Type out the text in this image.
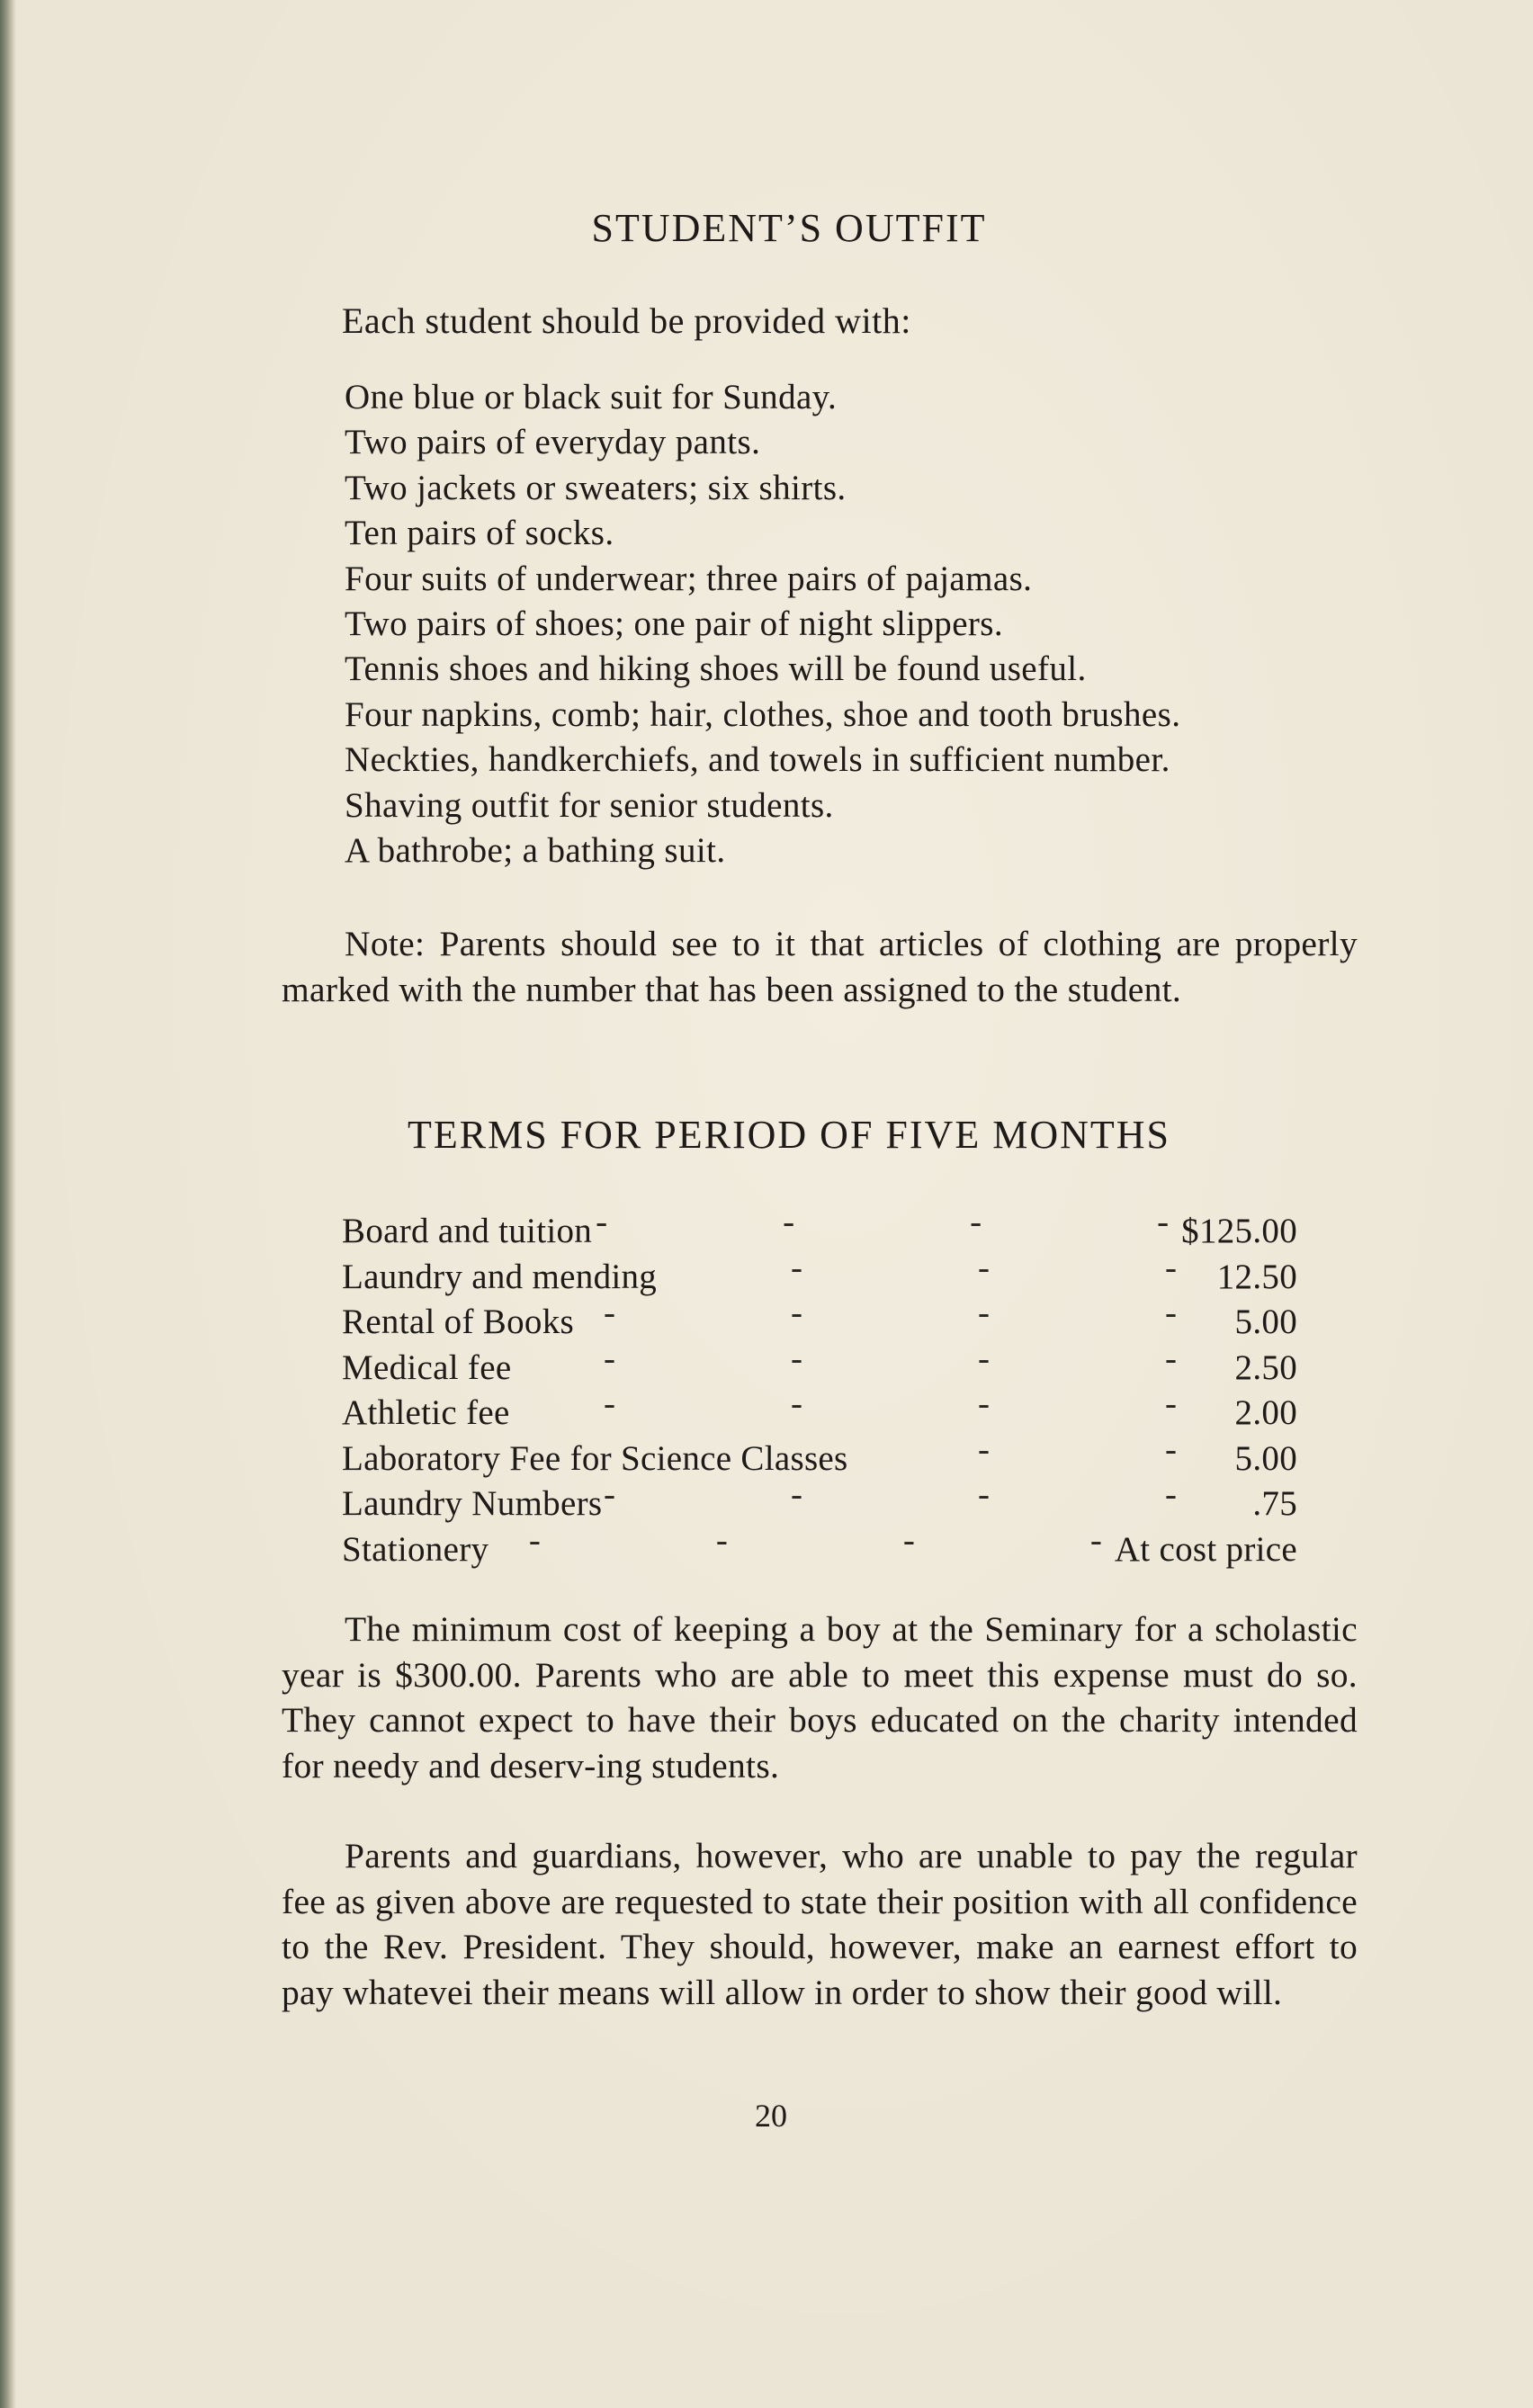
STUDENT’S OUTFIT
Each student should be provided with:
One blue or black suit for Sunday.
Two pairs of everyday pants.
Two jackets or sweaters; six shirts.
Ten pairs of socks.
Four suits of underwear; three pairs of pajamas.
Two pairs of shoes; one pair of night slippers.
Tennis shoes and hiking shoes will be found useful.
Four napkins, comb; hair, clothes, shoe and tooth brushes.
Neckties, handkerchiefs, and towels in sufficient number.
Shaving outfit for senior students.
A bathrobe; a bathing suit.

Note: Parents should see to it that articles of clothing are properly marked with the number that has been assigned to the student.

TERMS FOR PERIOD OF FIVE MONTHS
Board and tuition -	$125.00
Laundry and mending -	12.50
Rental of Books -	5.00
Medical fee -	2.50
Athletic fee -	2.00
Laboratory Fee for Science Classes -	5.00
Laundry Numbers -	.75
Stationery -	At cost price

The minimum cost of keeping a boy at the Seminary for a scholastic year is $300.00. Parents who are able to meet this expense must do so. They cannot expect to have their boys educated on the charity intended for needy and deserv-ing students.

Parents and guardians, however, who are unable to pay the regular fee as given above are requested to state their position with all confidence to the Rev. President. They should, however, make an earnest effort to pay whatevei their means will allow in order to show their good will.

20
